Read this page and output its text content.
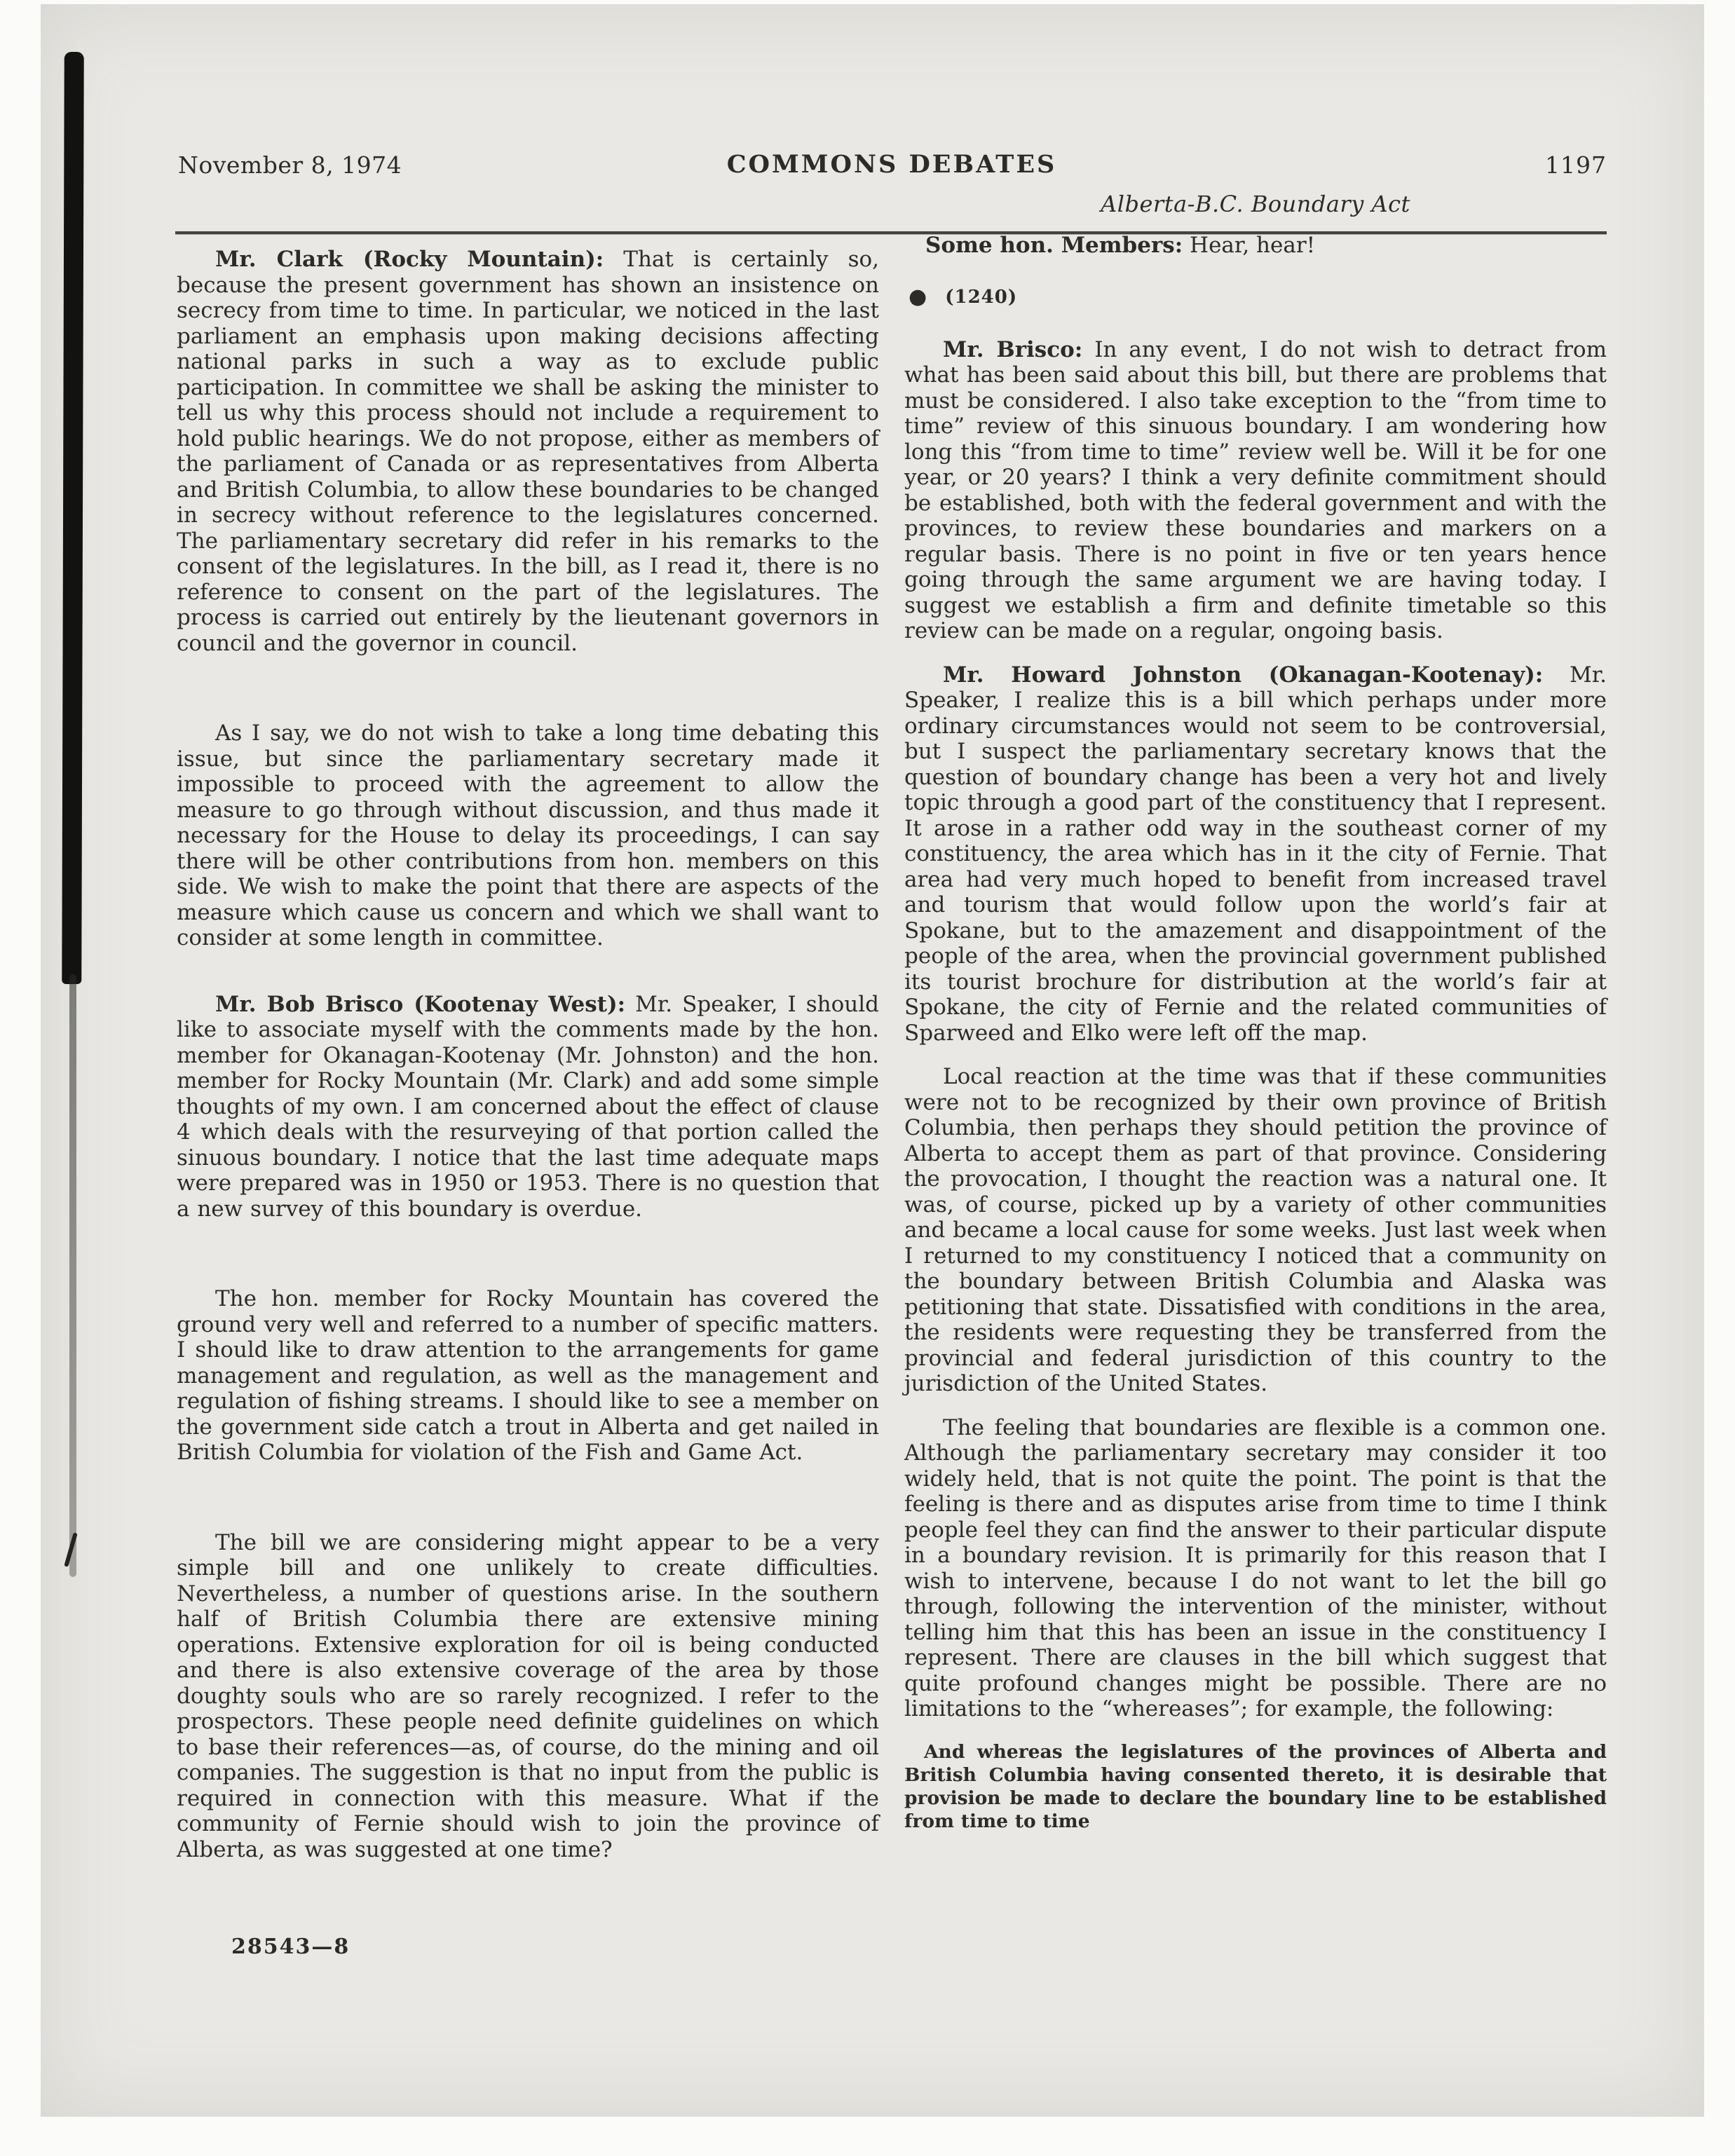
November 8, 1974	COMMONS DEBATES	1197

Mr. Clark (Rocky Mountain): That is certainly so, because the present government has shown an insistence on secrecy from time to time. In particular, we noticed in the last parliament an emphasis upon making decisions affecting national parks in such a way as to exclude public participation. In committee we shall be asking the minister to tell us why this process should not include a requirement to hold public hearings. We do not propose, either as members of the parliament of Canada or as representatives from Alberta and British Columbia, to allow these boundaries to be changed in secrecy without reference to the legislatures concerned. The parliamentary secretary did refer in his remarks to the consent of the legislatures. In the bill, as I read it, there is no reference to consent on the part of the legislatures. The process is carried out entirely by the lieutenant governors in council and the governor in council.

As I say, we do not wish to take a long time debating this issue, but since the parliamentary secretary made it impossible to proceed with the agreement to allow the measure to go through without discussion, and thus made it necessary for the House to delay its proceedings, I can say there will be other contributions from hon. members on this side. We wish to make the point that there are aspects of the measure which cause us concern and which we shall want to consider at some length in committee.

Mr. Bob Brisco (Kootenay West): Mr. Speaker, I should like to associate myself with the comments made by the hon. member for Okanagan-Kootenay (Mr. Johnston) and the hon. member for Rocky Mountain (Mr. Clark) and add some simple thoughts of my own. I am concerned about the effect of clause 4 which deals with the resurveying of that portion called the sinuous boundary. I notice that the last time adequate maps were prepared was in 1950 or 1953. There is no question that a new survey of this boundary is overdue.

The hon. member for Rocky Mountain has covered the ground very well and referred to a number of specific matters. I should like to draw attention to the arrangements for game management and regulation, as well as the management and regulation of fishing streams. I should like to see a member on the government side catch a trout in Alberta and get nailed in British Columbia for violation of the Fish and Game Act.

The bill we are considering might appear to be a very simple bill and one unlikely to create difficulties. Nevertheless, a number of questions arise. In the southern half of British Columbia there are extensive mining operations. Extensive exploration for oil is being conducted and there is also extensive coverage of the area by those doughty souls who are so rarely recognized. I refer to the prospectors. These people need definite guidelines on which to base their references—as, of course, do the mining and oil companies. The suggestion is that no input from the public is required in connection with this measure. What if the community of Fernie should wish to join the province of Alberta, as was suggested at one time?

Alberta-B.C. Boundary Act

Some hon. Members: Hear, hear!

● (1240)

Mr. Brisco: In any event, I do not wish to detract from what has been said about this bill, but there are problems that must be considered. I also take exception to the “from time to time” review of this sinuous boundary. I am wondering how long this “from time to time” review well be. Will it be for one year, or 20 years? I think a very definite commitment should be established, both with the federal government and with the provinces, to review these boundaries and markers on a regular basis. There is no point in five or ten years hence going through the same argument we are having today. I suggest we establish a firm and definite timetable so this review can be made on a regular, ongoing basis.

Mr. Howard Johnston (Okanagan-Kootenay): Mr. Speaker, I realize this is a bill which perhaps under more ordinary circumstances would not seem to be controversial, but I suspect the parliamentary secretary knows that the question of boundary change has been a very hot and lively topic through a good part of the constituency that I represent. It arose in a rather odd way in the southeast corner of my constituency, the area which has in it the city of Fernie. That area had very much hoped to benefit from increased travel and tourism that would follow upon the world’s fair at Spokane, but to the amazement and disappointment of the people of the area, when the provincial government published its tourist brochure for distribution at the world’s fair at Spokane, the city of Fernie and the related communities of Sparweed and Elko were left off the map.

Local reaction at the time was that if these communities were not to be recognized by their own province of British Columbia, then perhaps they should petition the province of Alberta to accept them as part of that province. Considering the provocation, I thought the reaction was a natural one. It was, of course, picked up by a variety of other communities and became a local cause for some weeks. Just last week when I returned to my constituency I noticed that a community on the boundary between British Columbia and Alaska was petitioning that state. Dissatisfied with conditions in the area, the residents were requesting they be transferred from the provincial and federal jurisdiction of this country to the jurisdiction of the United States.

The feeling that boundaries are flexible is a common one. Although the parliamentary secretary may consider it too widely held, that is not quite the point. The point is that the feeling is there and as disputes arise from time to time I think people feel they can find the answer to their particular dispute in a boundary revision. It is primarily for this reason that I wish to intervene, because I do not want to let the bill go through, following the intervention of the minister, without telling him that this has been an issue in the constituency I represent. There are clauses in the bill which suggest that quite profound changes might be possible. There are no limitations to the “whereases”; for example, the following:

And whereas the legislatures of the provinces of Alberta and British Columbia having consented thereto, it is desirable that provision be made to declare the boundary line to be established from time to time

28543—8
